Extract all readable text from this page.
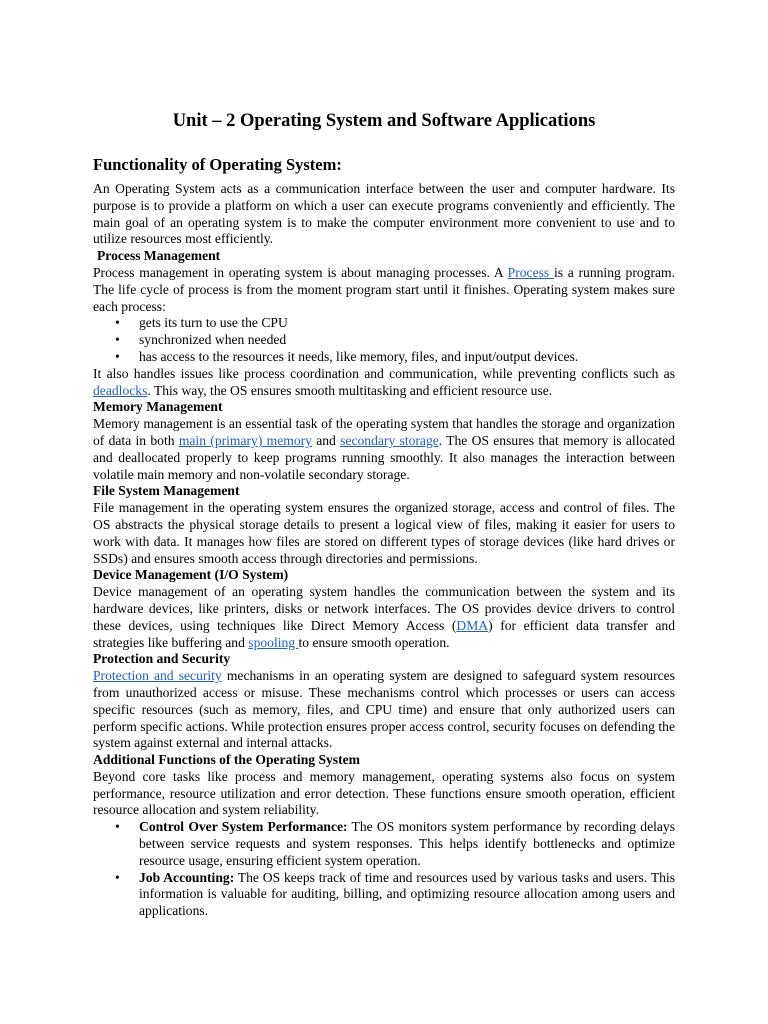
Unit – 2 Operating System and Software Applications
Functionality of Operating System:

An Operating System acts as a communication interface between the user and computer hardware. Its purpose is to provide a platform on which a user can execute programs conveniently and efficiently. The main goal of an operating system is to make the computer environment more convenient to use and to utilize resources most efficiently.

Process Management

Process management in operating system is about managing processes. A Process is a running program. The life cycle of process is from the moment program start until it finishes. Operating system makes sure each process:

• gets its turn to use the CPU
• synchronized when needed
• has access to the resources it needs, like memory, files, and input/output devices.

It also handles issues like process coordination and communication, while preventing conflicts such as deadlocks. This way, the OS ensures smooth multitasking and efficient resource use.

Memory Management

Memory management is an essential task of the operating system that handles the storage and organization of data in both main (primary) memory and secondary storage. The OS ensures that memory is allocated and deallocated properly to keep programs running smoothly. It also manages the interaction between volatile main memory and non-volatile secondary storage.

File System Management

File management in the operating system ensures the organized storage, access and control of files. The OS abstracts the physical storage details to present a logical view of files, making it easier for users to work with data. It manages how files are stored on different types of storage devices (like hard drives or SSDs) and ensures smooth access through directories and permissions.

Device Management (I/O System)

Device management of an operating system handles the communication between the system and its hardware devices, like printers, disks or network interfaces. The OS provides device drivers to control these devices, using techniques like Direct Memory Access (DMA) for efficient data transfer and strategies like buffering and spooling to ensure smooth operation.

Protection and Security

Protection and security mechanisms in an operating system are designed to safeguard system resources from unauthorized access or misuse. These mechanisms control which processes or users can access specific resources (such as memory, files, and CPU time) and ensure that only authorized users can perform specific actions. While protection ensures proper access control, security focuses on defending the system against external and internal attacks.

Additional Functions of the Operating System

Beyond core tasks like process and memory management, operating systems also focus on system performance, resource utilization and error detection. These functions ensure smooth operation, efficient resource allocation and system reliability.

• Control Over System Performance: The OS monitors system performance by recording delays between service requests and system responses. This helps identify bottlenecks and optimize resource usage, ensuring efficient system operation.
• Job Accounting: The OS keeps track of time and resources used by various tasks and users. This information is valuable for auditing, billing, and optimizing resource allocation among users and applications.
